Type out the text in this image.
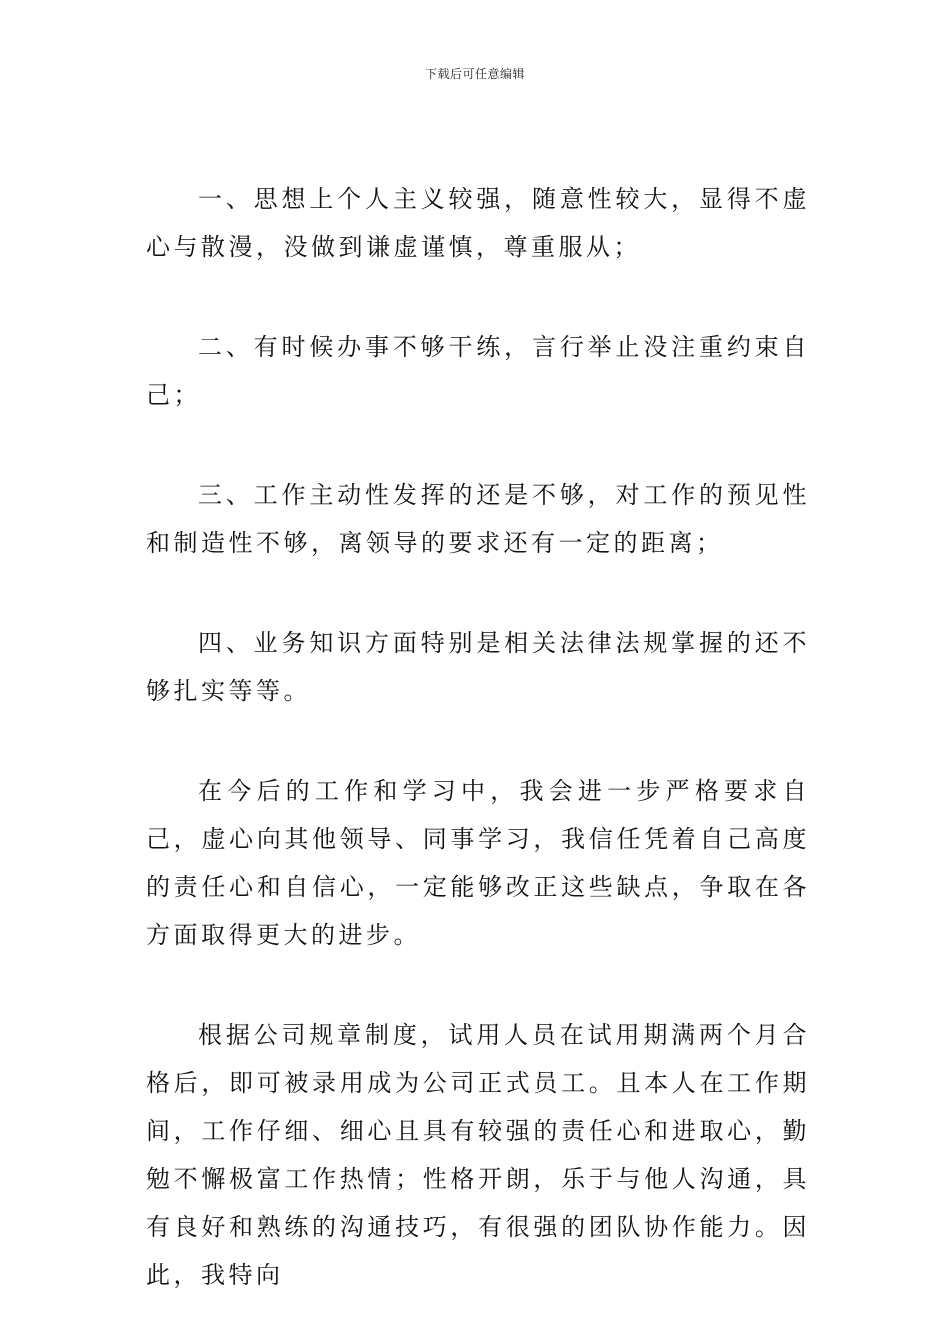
下载后可任意编辑

一、思想上个人主义较强，随意性较大，显得不虚心与散漫，没做到谦虚谨慎，尊重服从；

二、有时候办事不够干练，言行举止没注重约束自己；

三、工作主动性发挥的还是不够，对工作的预见性和制造性不够，离领导的要求还有一定的距离；

四、业务知识方面特别是相关法律法规掌握的还不够扎实等等。

在今后的工作和学习中，我会进一步严格要求自己，虚心向其他领导、同事学习，我信任凭着自己高度的责任心和自信心，一定能够改正这些缺点，争取在各方面取得更大的进步。

根据公司规章制度，试用人员在试用期满两个月合格后，即可被录用成为公司正式员工。且本人在工作期间，工作仔细、细心且具有较强的责任心和进取心，勤勉不懈极富工作热情；性格开朗，乐于与他人沟通，具有良好和熟练的沟通技巧，有很强的团队协作能力。因此，我特向
